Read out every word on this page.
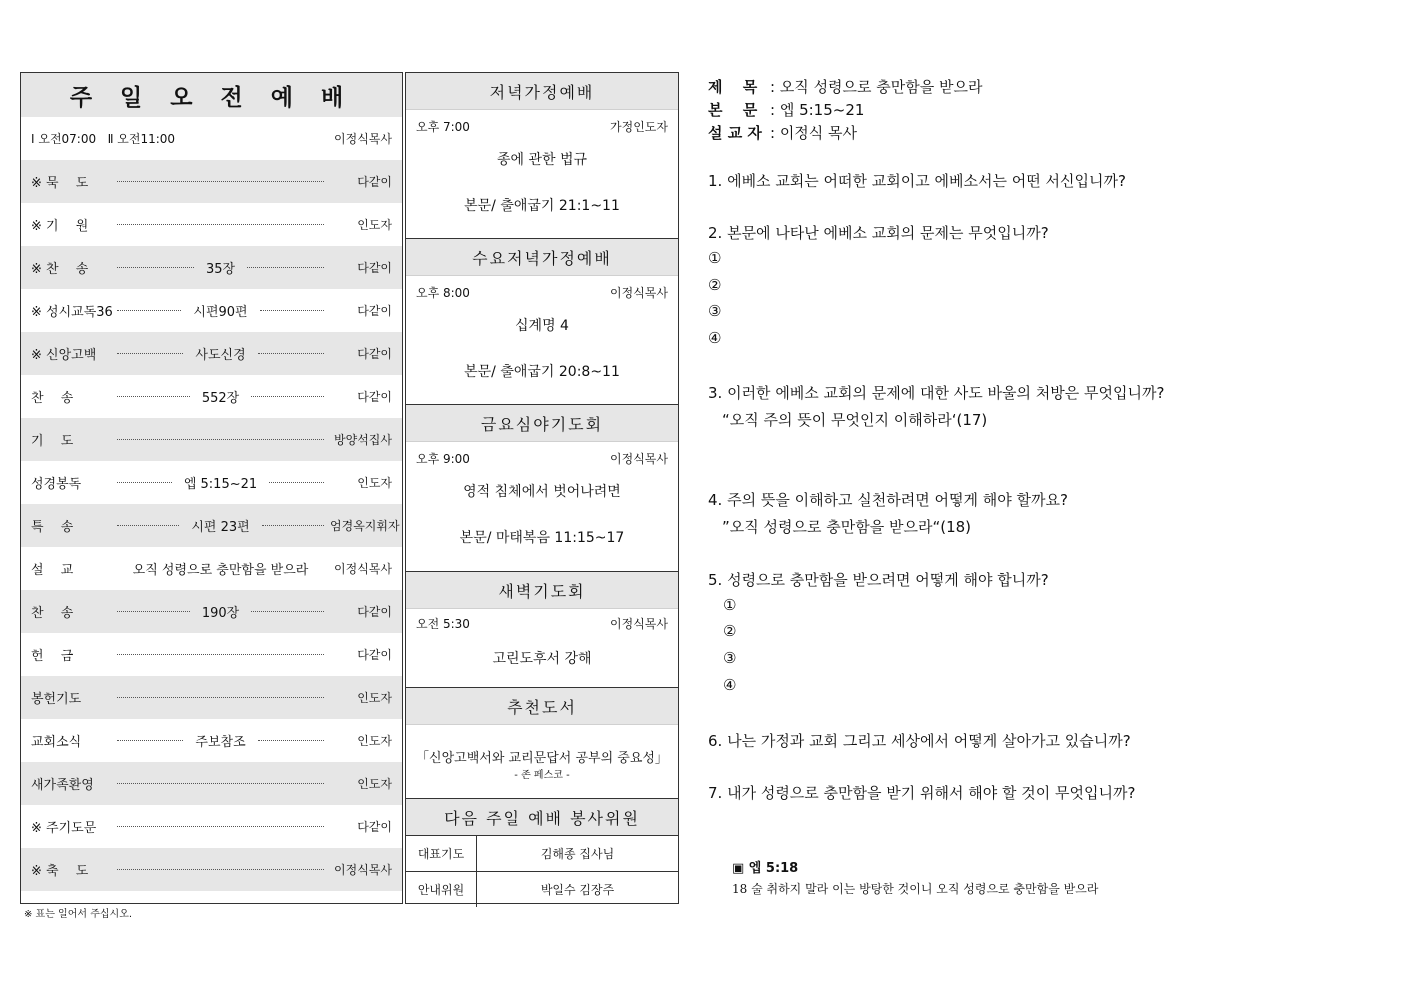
주 일 오 전 예 배
Ⅰ 오전07:00   Ⅱ 오전11:00	이정식목사
※ 묵　 도	다같이
※ 기　 원	인도자
※ 찬　 송	35장	다같이
※ 성시교독36	시편90편	다같이
※ 신앙고백	사도신경	다같이
찬　 송	552장	다같이
기　 도	방양석집사
성경봉독	엡 5:15~21	인도자
특　 송	시편 23편	엄경옥지휘자
설　 교	오직 성령으로 충만함을 받으라	이정식목사
찬　 송	190장	다같이
헌　 금	다같이
봉헌기도	인도자
교회소식	주보참조	인도자
새가족환영	인도자
※ 주기도문	다같이
※ 축　 도	이정식목사
※ 표는 일어서 주십시오.
저녁가정예배
오후 7:00	가정인도자
종에 관한 법규
본문/ 출애굽기 21:1~11
수요저녁가정예배
오후 8:00	이정식목사
십계명 4
본문/ 출애굽기 20:8~11
금요심야기도회
오후 9:00	이정식목사
영적 침체에서 벗어나려면
본문/ 마태복음 11:15~17
새벽기도회
오전 5:30	이정식목사
고린도후서 강해
추천도서
「신앙고백서와 교리문답서 공부의 중요성」
- 존 페스코 -
다음 주일 예배 봉사위원
대표기도	김해종 집사님
안내위원	박일수 김장주
제　 목 : 오직 성령으로 충만함을 받으라
본　 문 : 엡 5:15~21
설 교 자 : 이정식 목사
1. 에베소 교회는 어떠한 교회이고 에베소서는 어떤 서신입니까?
2. 본문에 나타난 에베소 교회의 문제는 무엇입니까?
①
②
③
④
3. 이러한 에베소 교회의 문제에 대한 사도 바울의 처방은 무엇입니까?
“오직 주의 뜻이 무엇인지 이해하라‘(17)
4. 주의 뜻을 이해하고 실천하려면 어떻게 해야 할까요?
”오직 성령으로 충만함을 받으라“(18)
5. 성령으로 충만함을 받으려면 어떻게 해야 합니까?
①
②
③
④
6. 나는 가정과 교회 그리고 세상에서 어떻게 살아가고 있습니까?
7. 내가 성령으로 충만함을 받기 위해서 해야 할 것이 무엇입니까?
▣ 엡 5:18
18 술 취하지 말라 이는 방탕한 것이니 오직 성령으로 충만함을 받으라
